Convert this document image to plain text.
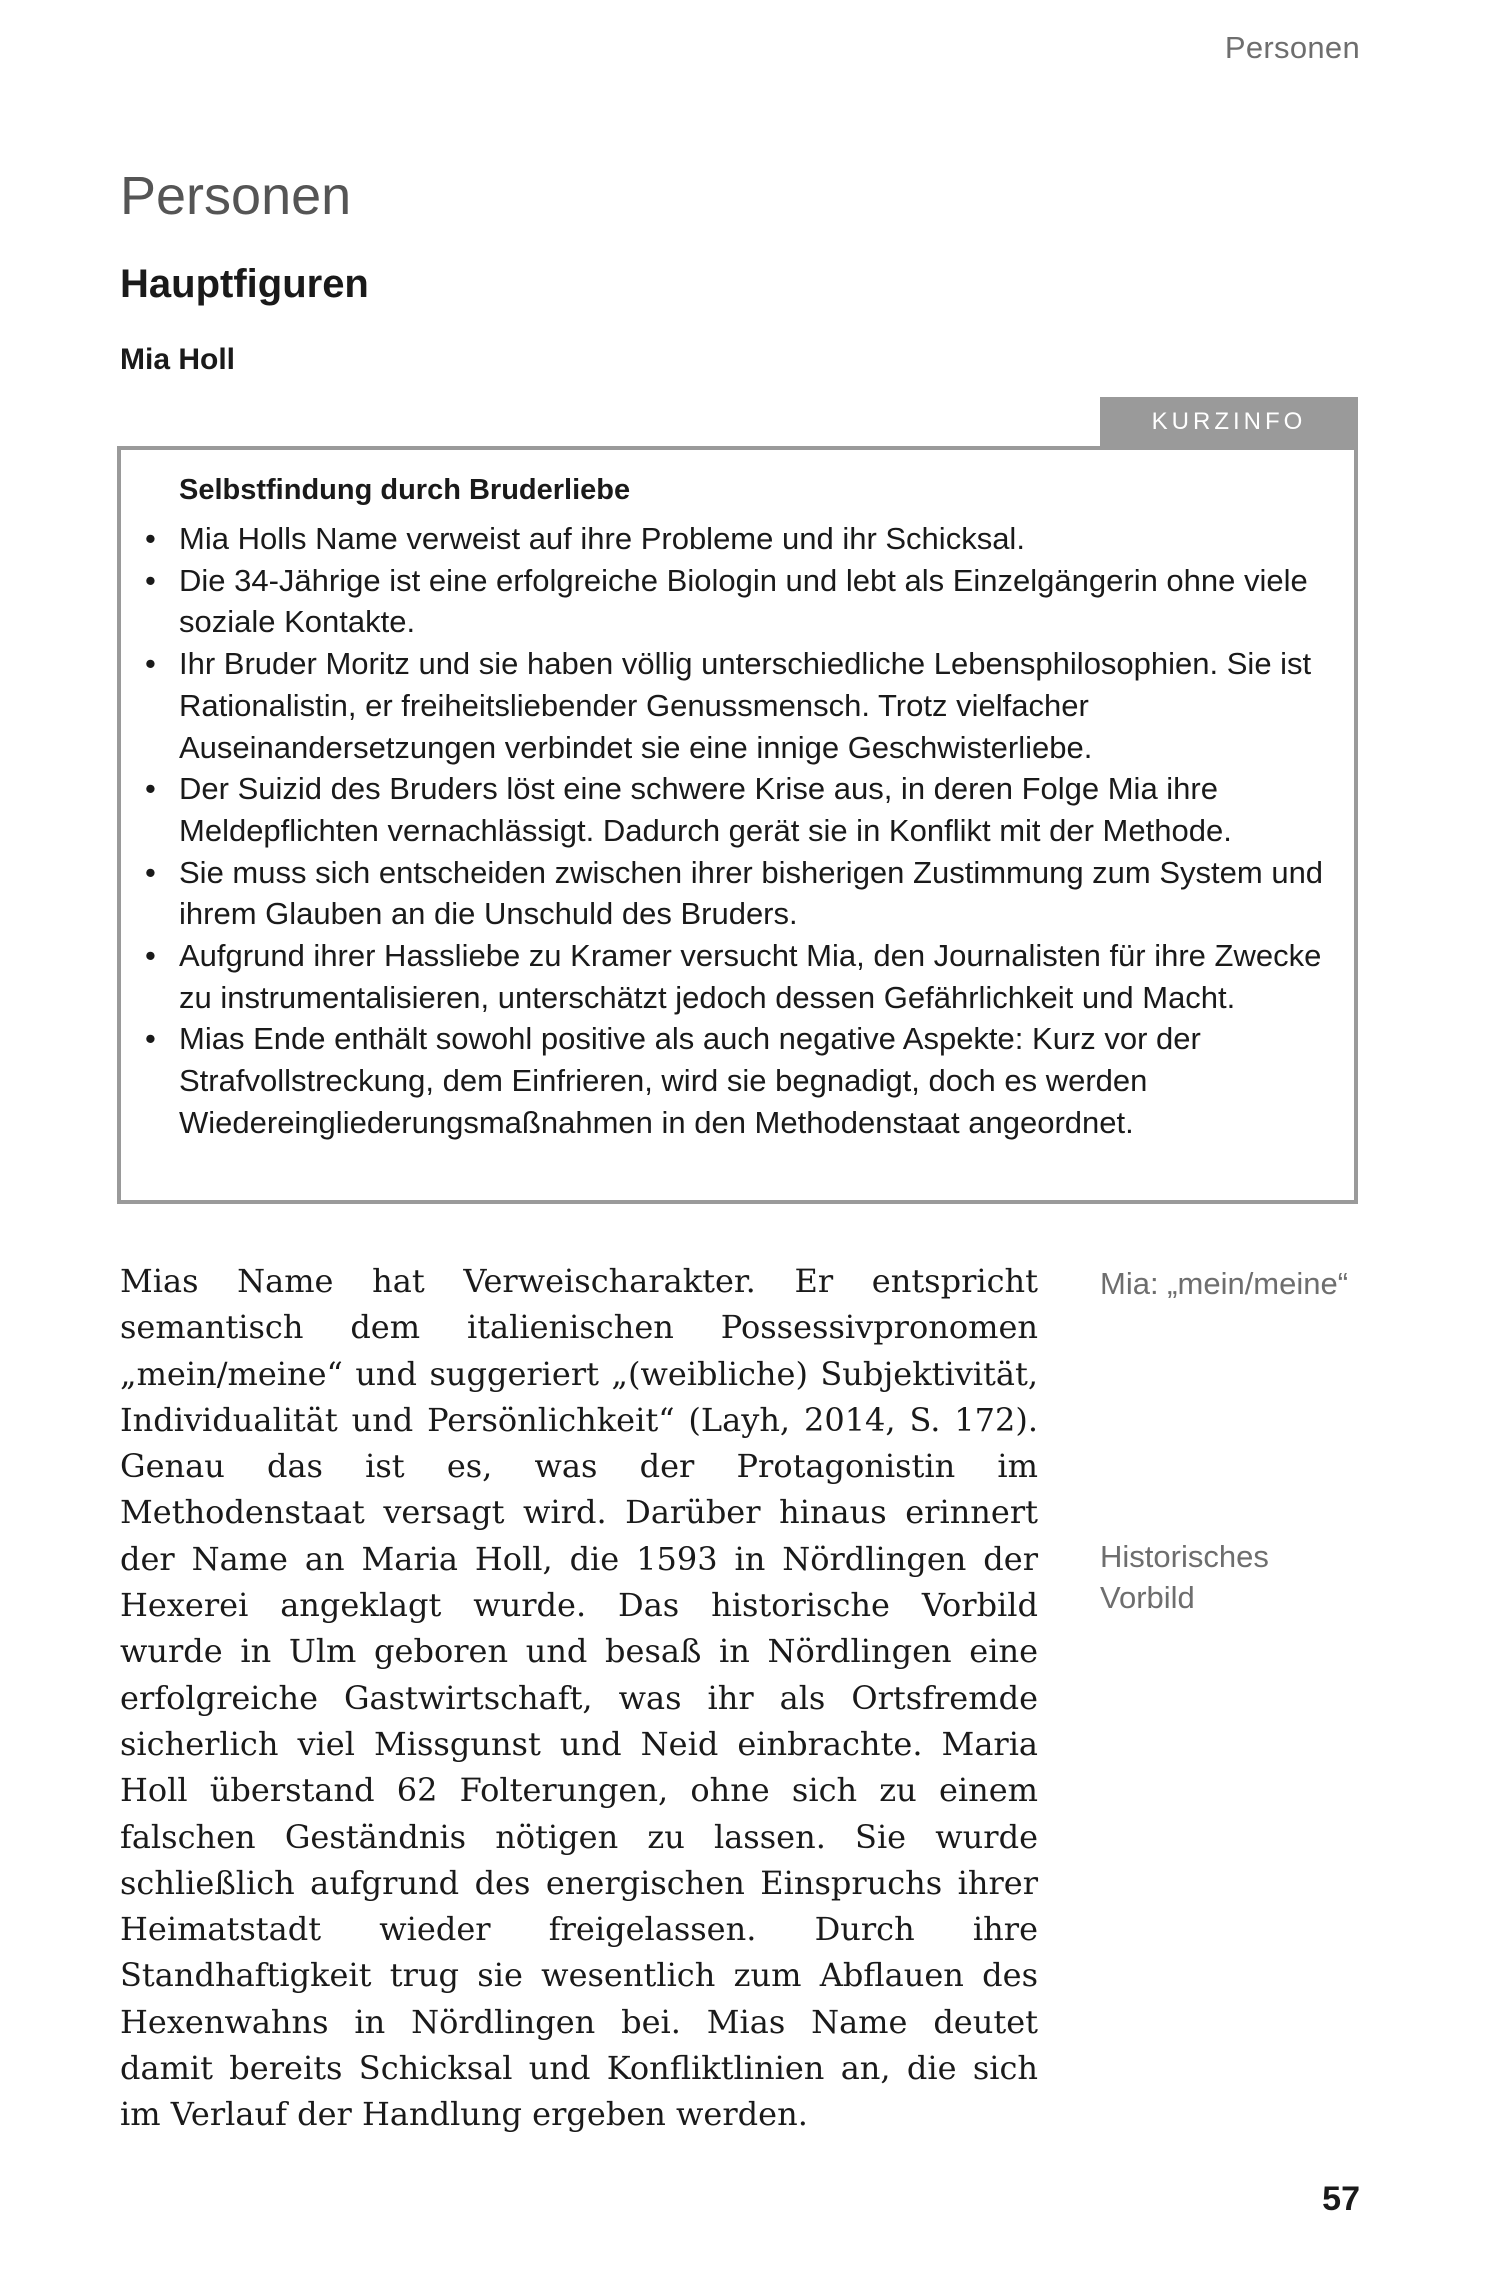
Personen
Personen
Hauptfiguren
Mia Holl
KURZINFO
Selbstfindung durch Bruderliebe
• Mia Holls Name verweist auf ihre Probleme und ihr Schicksal.
• Die 34-Jährige ist eine erfolgreiche Biologin und lebt als Einzelgängerin ohne viele soziale Kontakte.
• Ihr Bruder Moritz und sie haben völlig unterschiedliche Lebensphilosophien. Sie ist Rationalistin, er freiheitsliebender Genussmensch. Trotz vielfacher Auseinandersetzungen verbindet sie eine innige Geschwisterliebe.
• Der Suizid des Bruders löst eine schwere Krise aus, in deren Folge Mia ihre Meldepflichten vernachlässigt. Dadurch gerät sie in Konflikt mit der Methode.
• Sie muss sich entscheiden zwischen ihrer bisherigen Zustimmung zum System und ihrem Glauben an die Unschuld des Bruders.
• Aufgrund ihrer Hassliebe zu Kramer versucht Mia, den Journalisten für ihre Zwecke zu instrumentalisieren, unterschätzt jedoch dessen Gefährlichkeit und Macht.
• Mias Ende enthält sowohl positive als auch negative Aspekte: Kurz vor der Strafvollstreckung, dem Einfrieren, wird sie begnadigt, doch es werden Wiedereingliederungsmaßnahmen in den Methodenstaat angeordnet.

Mias Name hat Verweischarakter. Er entspricht semantisch dem italienischen Possessivpronomen „mein/meine“ und suggeriert „(weibliche) Subjektivität, Individualität und Persönlichkeit“ (Layh, 2014, S. 172). Genau das ist es, was der Protagonistin im Methodenstaat versagt wird. Darüber hinaus erinnert der Name an Maria Holl, die 1593 in Nördlingen der Hexerei angeklagt wurde. Das historische Vorbild wurde in Ulm geboren und besaß in Nördlingen eine erfolgreiche Gastwirtschaft, was ihr als Ortsfremde sicherlich viel Missgunst und Neid einbrachte. Maria Holl überstand 62 Folterungen, ohne sich zu einem falschen Geständnis nötigen zu lassen. Sie wurde schließlich aufgrund des energischen Einspruchs ihrer Heimatstadt wieder freigelassen. Durch ihre Standhaftigkeit trug sie wesentlich zum Abflauen des Hexenwahns in Nördlingen bei. Mias Name deutet damit bereits Schicksal und Konfliktlinien an, die sich im Verlauf der Handlung ergeben werden.

Mia: „mein/meine“
Historisches Vorbild
57
